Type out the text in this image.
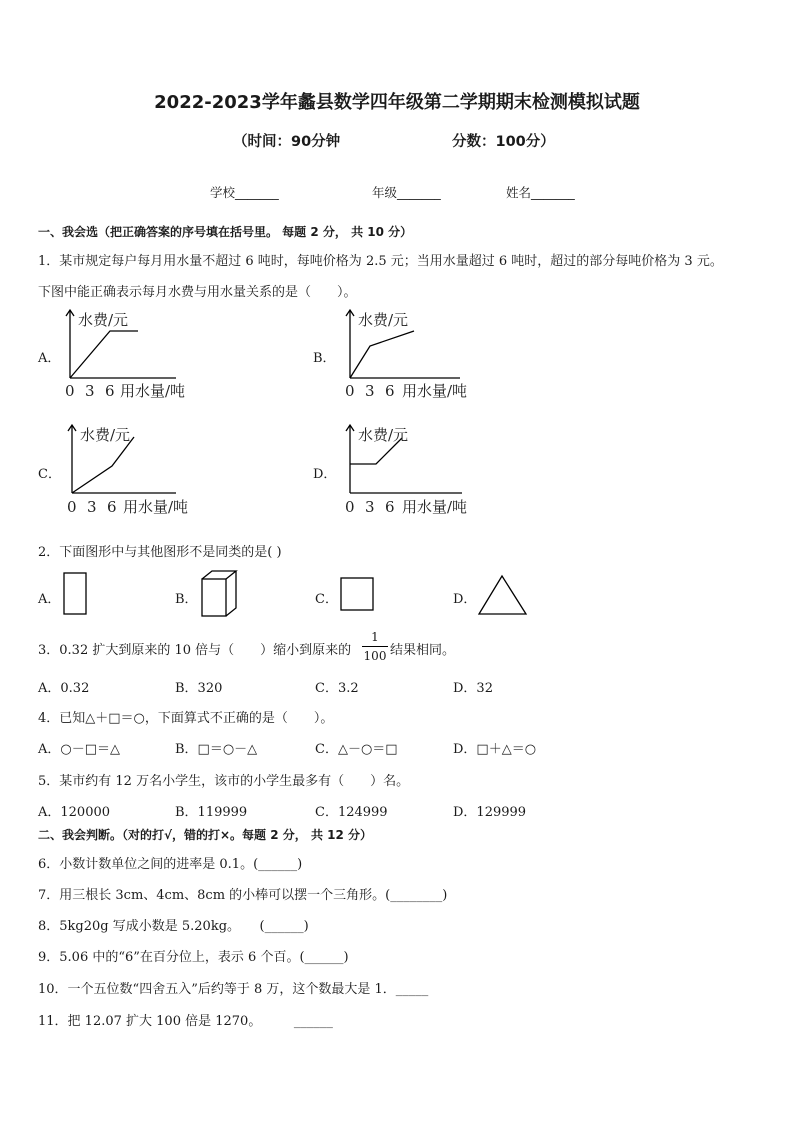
2022-2023学年蠡县数学四年级第二学期期末检测模拟试题
（时间：90分钟	分数：100分）
学校_______	年级_______	姓名_______
一、我会选（把正确答案的序号填在括号里。 每题 2 分， 共 10 分）
1．某市规定每户每月用水量不超过 6 吨时，每吨价格为 2.5 元；当用水量超过 6 吨时，超过的部分每吨价格为 3 元。
下图中能正确表示每月水费与用水量关系的是（　　）。
A．	B．
C．	D．
水费/元
0 3 6 用水量/吨
水费/元
0 3 6 用水量/吨
水费/元
0 3 6 用水量/吨
水费/元
0 3 6 用水量/吨
2．下面图形中与其他图形不是同类的是( )
A．	B．	C．	D．
3．0.32 扩大到原来的 10 倍与（　　）缩小到原来的
1
100 结果相同。
A．0.32	B．320	C．3.2	D．32
4．已知△＋□＝○，下面算式不正确的是（　　）。
A．○－□＝△	B．□＝○－△	C．△－○＝□	D．□＋△＝○
5．某市约有 12 万名小学生，该市的小学生最多有（　　）名。
A．120000	B．119999	C．124999	D．129999
二、我会判断。（对的打√，错的打×。每题 2 分， 共 12 分）
6．小数计数单位之间的进率是 0.1。(______)
7．用三根长 3cm、4cm、8cm 的小棒可以摆一个三角形。(________)
8．5kg20g 写成小数是 5.20kg。　　(______)
9．5.06 中的“6”在百分位上，表示 6 个百。(______)
10．一个五位数“四舍五入”后约等于 8 万，这个数最大是 1．_____
11．把 12.07 扩大 100 倍是 1270。　　　______
